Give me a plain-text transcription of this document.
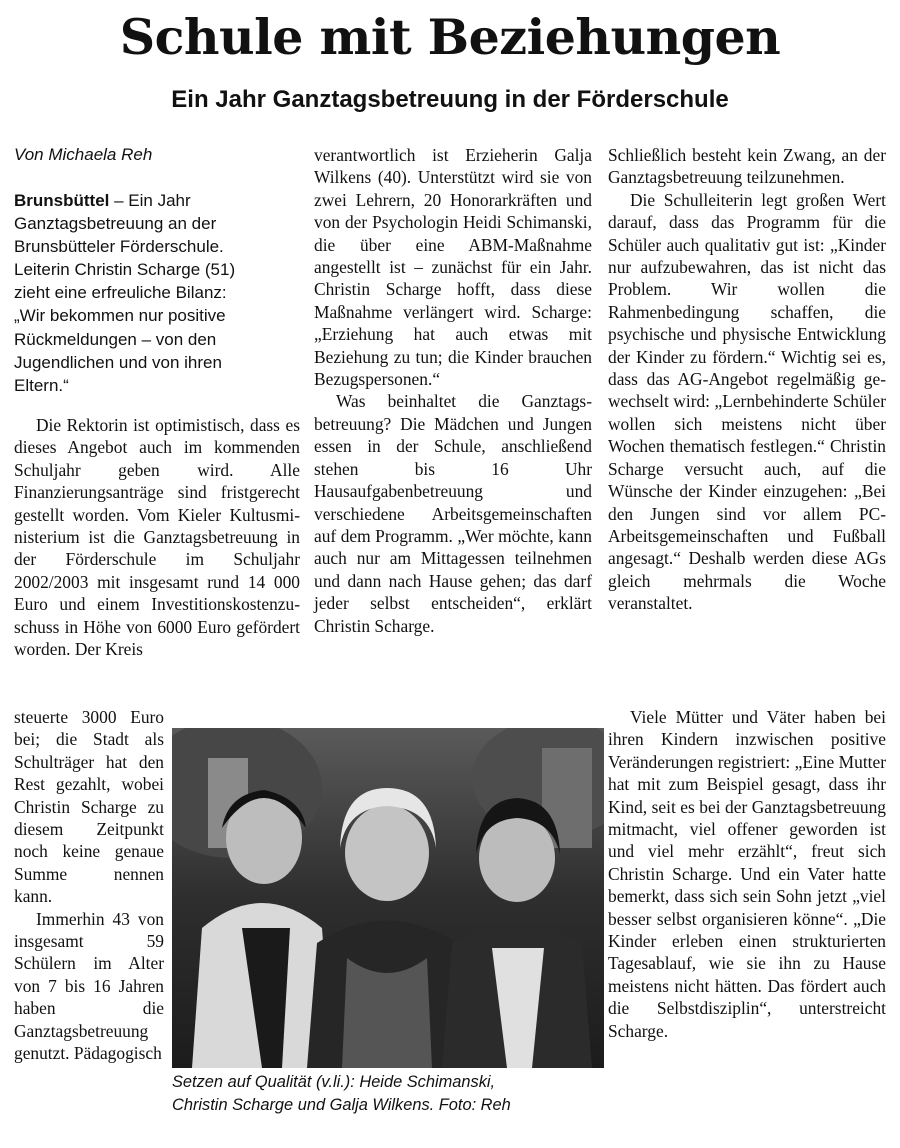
Schule mit Beziehungen
Ein Jahr Ganztagsbetreuung in der Förderschule
Von Michaela Reh
Brunsbüttel – Ein Jahr
Ganztagsbetreuung an der
Brunsbütteler Förderschule.
Leiterin Christin Scharge (51)
zieht eine erfreuliche Bilanz:
„Wir bekommen nur positive
Rückmeldungen – von den
Jugendlichen und von ihren
Eltern.“

Die Rektorin ist optimistisch, dass es dieses Angebot auch im kommenden Schuljahr geben wird. Alle Finanzierungsanträge sind fristgerecht gestellt worden. Vom Kieler Kultusministerium ist die Ganztagsbetreuung in der Förderschule im Schuljahr 2002/2003 mit insgesamt rund 14 000 Euro und einem Investitionskostenzuschuss in Höhe von 6000 Euro gefördert worden. Der Kreis

steuerte 3000 Euro bei; die Stadt als Schulträger hat den Rest gezahlt, wobei Christin Scharge zu diesem Zeitpunkt noch keine genaue Summe nennen kann.

Immerhin 43 von insgesamt 59 Schülern im Alter von 7 bis 16 Jahren haben die Ganztagsbetreuung genutzt. Pädagogisch

verantwortlich ist Erzieherin Galja Wilkens (40). Unterstützt wird sie von zwei Lehrern, 20 Honorarkräften und von der Psychologin Heidi Schimanski, die über eine ABM-Maßnahme angestellt ist – zunächst für ein Jahr. Christin Scharge hofft, dass diese Maßnahme verlängert wird. Scharge: „Erziehung hat auch etwas mit Beziehung zu tun; die Kinder brauchen Bezugspersonen.“

Was beinhaltet die Ganztagsbetreuung? Die Mädchen und Jungen essen in der Schule, anschließend stehen bis 16 Uhr Hausaufgabenbetreuung und verschiedene Arbeitsgemeinschaften auf dem Programm. „Wer möchte, kann auch nur am Mittagessen teilnehmen und dann nach Hause gehen; das darf jeder selbst entscheiden“, erklärt Christin Scharge.

Schließlich besteht kein Zwang, an der Ganztagsbetreuung teilzunehmen.

Die Schulleiterin legt großen Wert darauf, dass das Programm für die Schüler auch qualitativ gut ist: „Kinder nur aufzubewahren, das ist nicht das Problem. Wir wollen die Rahmenbedingung schaffen, die psychische und physische Entwicklung der Kinder zu fördern.“ Wichtig sei es, dass das AG-Angebot regelmäßig gewechselt wird: „Lernbehinderte Schüler wollen sich meistens nicht über Wochen thematisch festlegen.“ Christin Scharge versucht auch, auf die Wünsche der Kinder einzugehen: „Bei den Jungen sind vor allem PC-Arbeitsgemeinschaften und Fußball angesagt.“ Deshalb werden diese AGs gleich mehrmals die Woche veranstaltet.

Viele Mütter und Väter haben bei ihren Kindern inzwischen positive Veränderungen registriert: „Eine Mutter hat mit zum Beispiel gesagt, dass ihr Kind, seit es bei der Ganztagsbetreuung mitmacht, viel offener geworden ist und viel mehr erzählt“, freut sich Christin Scharge. Und ein Vater hatte bemerkt, dass sich sein Sohn jetzt „viel besser selbst organisieren könne“. „Die Kinder erleben einen strukturierten Tagesablauf, wie sie ihn zu Hause meistens nicht hätten. Das fördert auch die Selbstdisziplin“, unterstreicht Scharge.

Setzen auf Qualität (v.li.): Heide Schimanski,
Christin Scharge und Galja Wilkens. Foto: Reh
